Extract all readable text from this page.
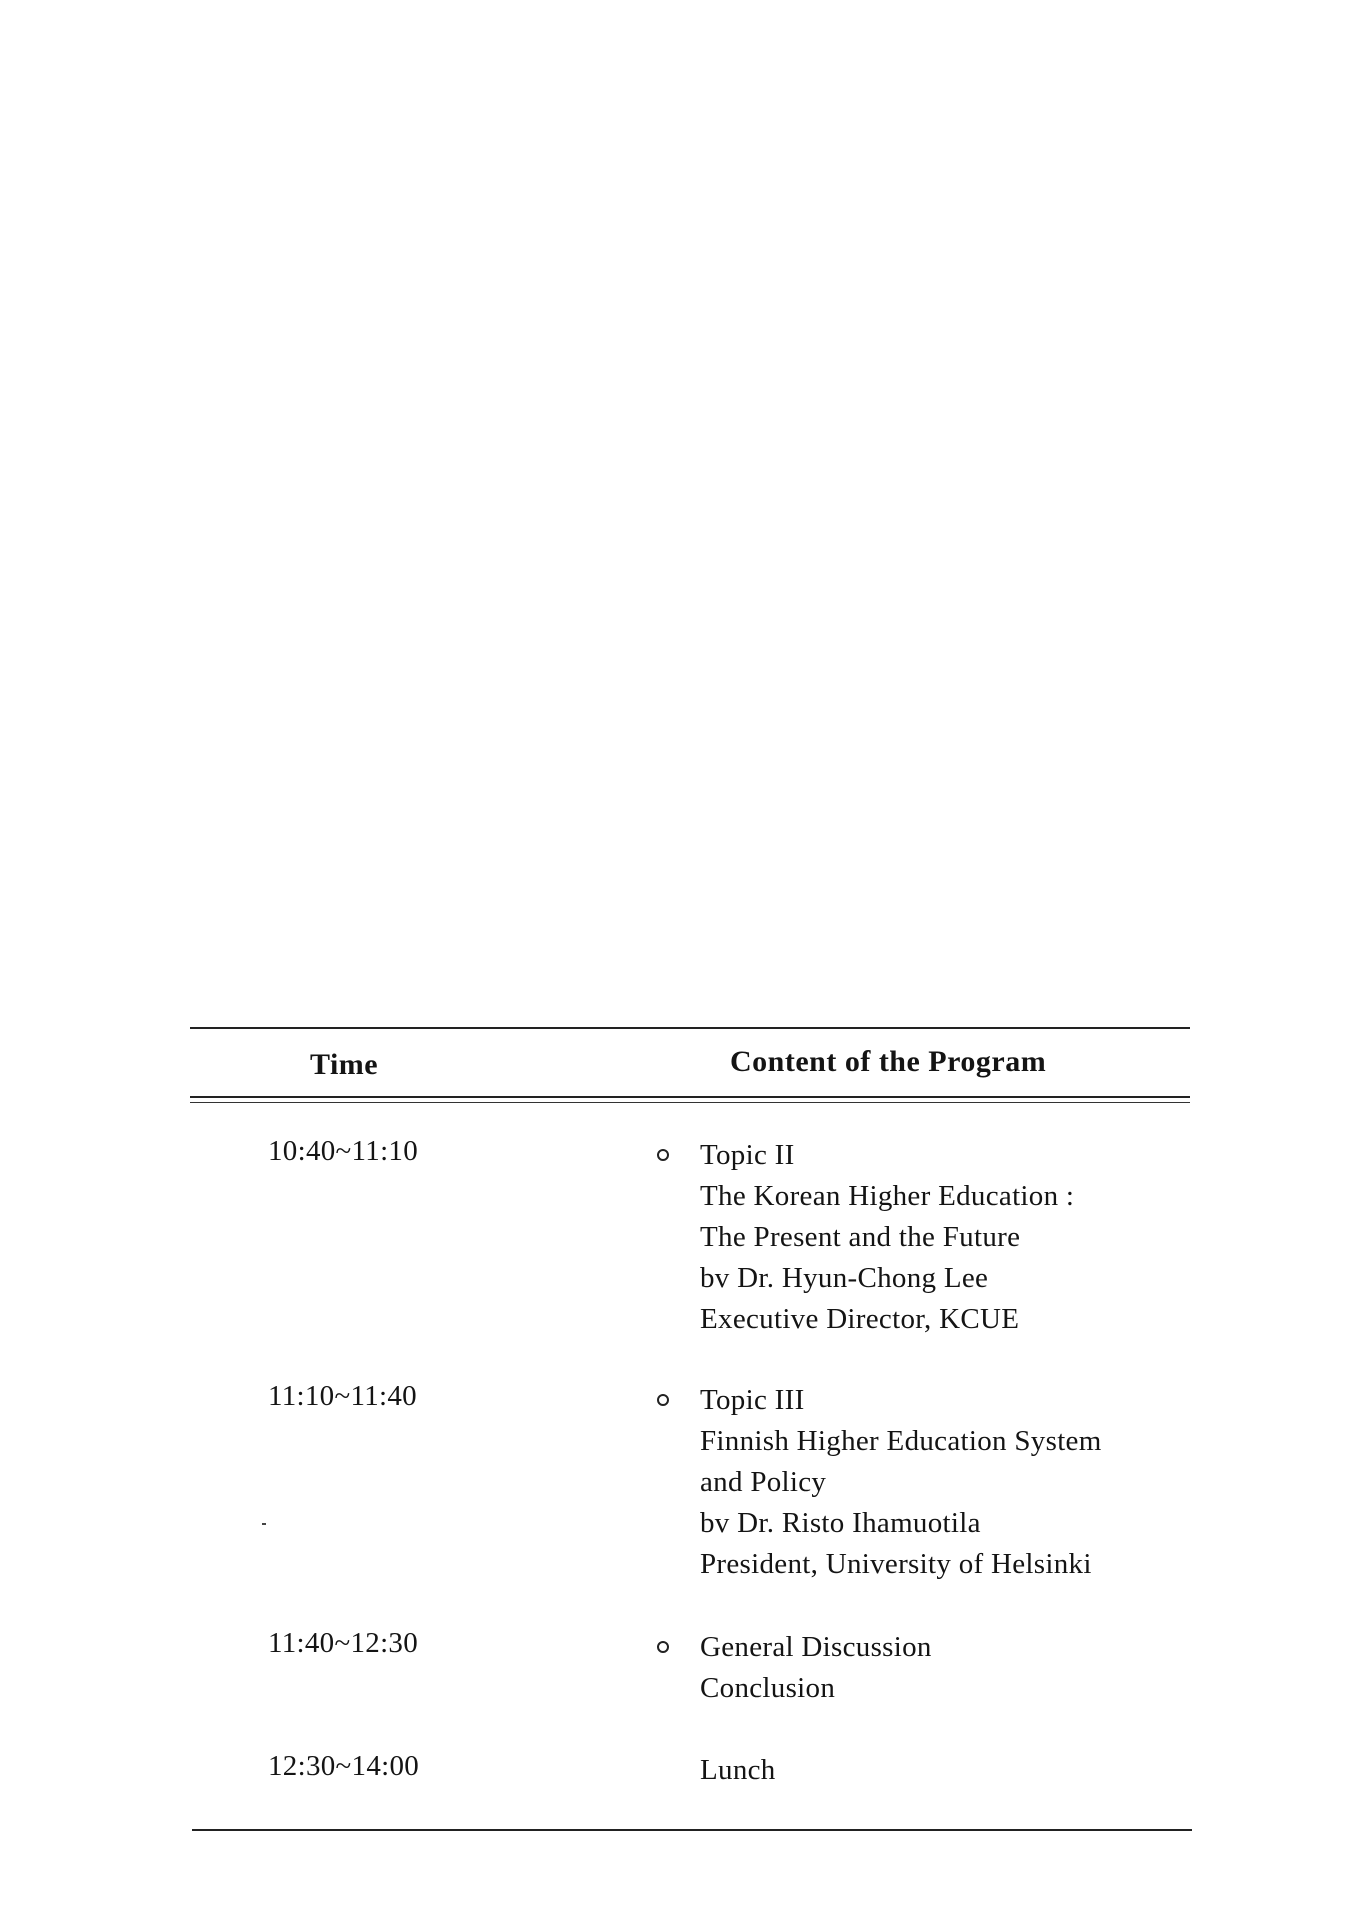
Time	Content of the Program
10:40~11:10	Topic II
The Korean Higher Education :
The Present and the Future
bv Dr. Hyun-Chong Lee
Executive Director, KCUE
11:10~11:40	Topic III
Finnish Higher Education System
and Policy
bv Dr. Risto Ihamuotila
President, University of Helsinki
11:40~12:30	General Discussion
Conclusion
12:30~14:00	Lunch
